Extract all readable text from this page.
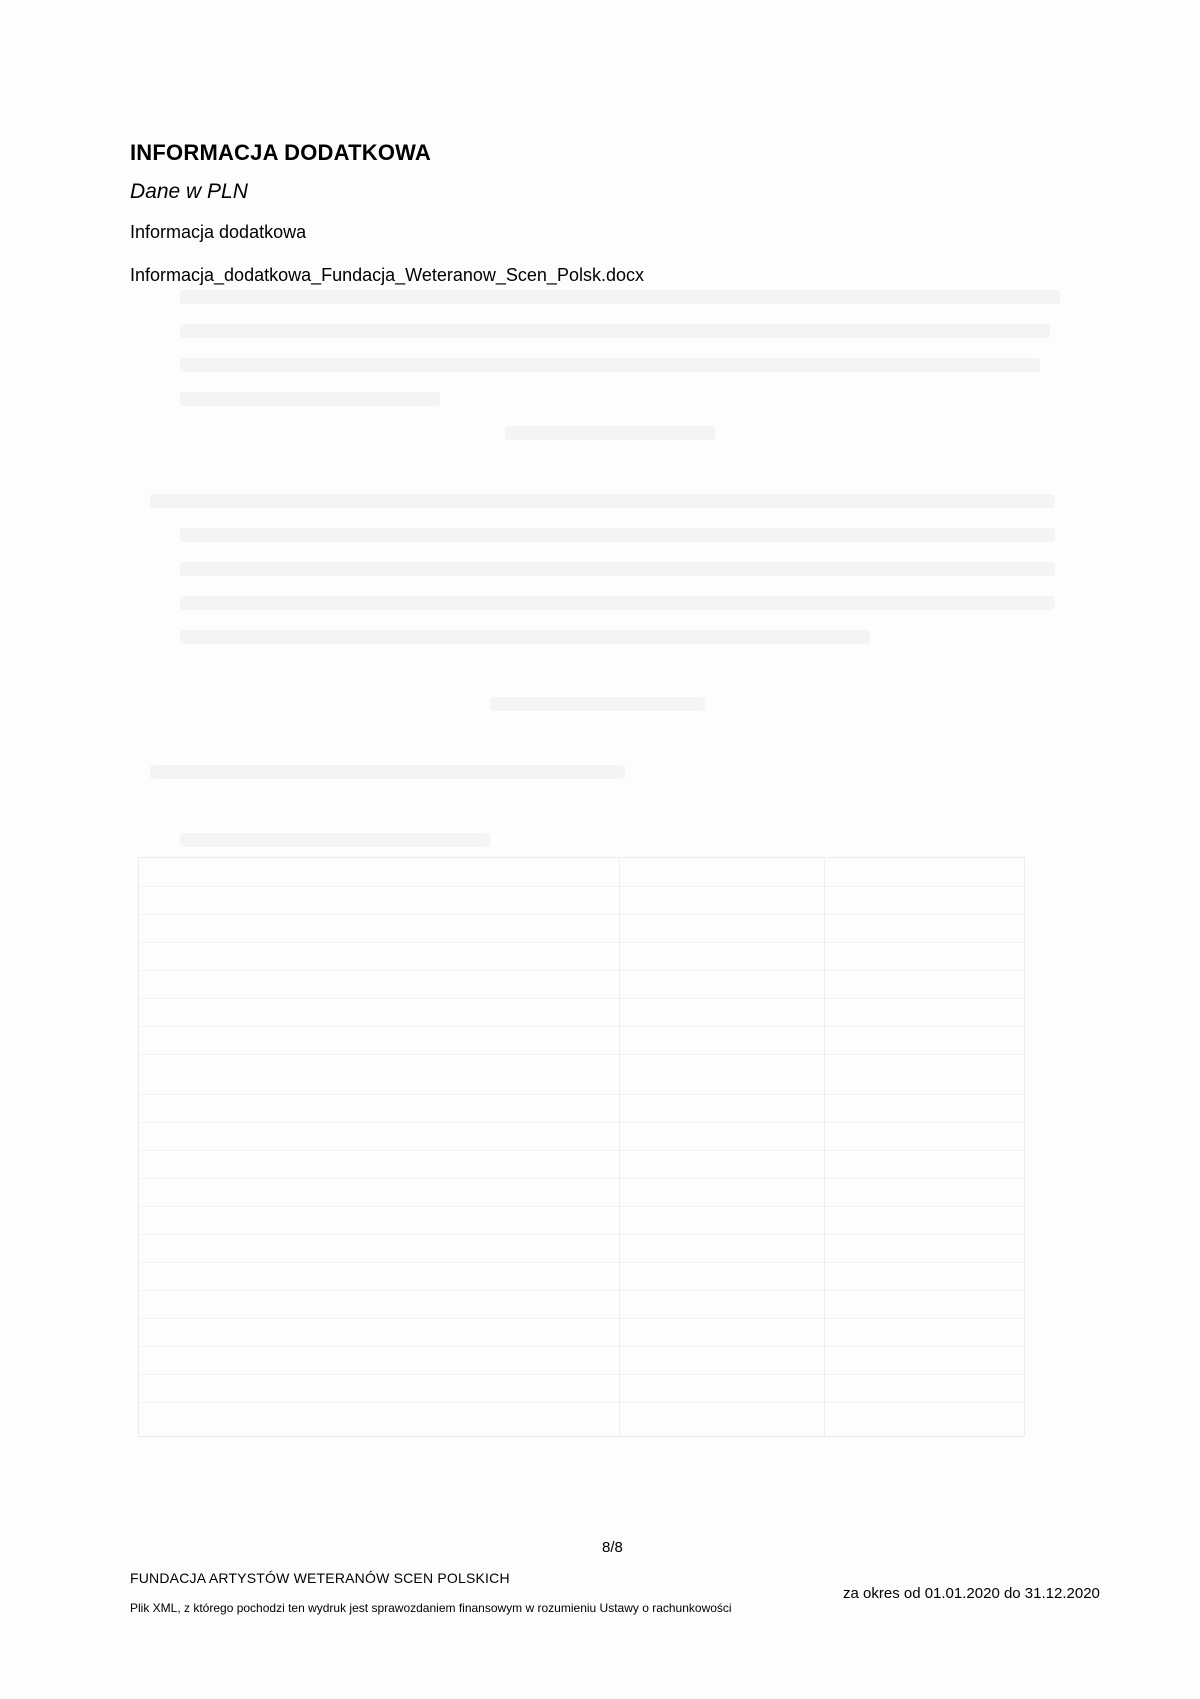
INFORMACJA DODATKOWA
Dane w PLN
Informacja dodatkowa
Informacja_dodatkowa_Fundacja_Weteranow_Scen_Polsk.docx
8/8
FUNDACJA ARTYSTÓW WETERANÓW SCEN POLSKICH
Plik XML, z którego pochodzi ten wydruk jest sprawozdaniem finansowym w rozumieniu Ustawy o rachunkowości
za okres od 01.01.2020 do 31.12.2020
